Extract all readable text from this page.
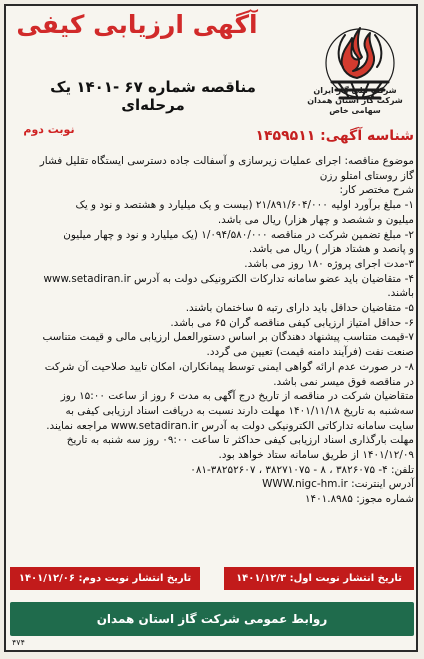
آگهی ارزیابی کیفی
مناقصه شماره ۶۷ -۱۴۰۱ یک مرحله‌ای
شرکت ملی گاز ایران
شرکت گاز استان همدان
سهامی خاص
نوبت دوم	شناسه آگهی: ۱۴۵۹۵۱۱
موضوع مناقصه: اجرای عملیات زیرسازی و آسفالت جاده دسترسی ایستگاه تقلیل فشار
گاز روستای امتلو رزن
شرح مختصر کار:
۱- مبلغ برآورد اولیه ۲۱/۸۹۱/۶۰۴/۰۰۰ (بیست و یک میلیارد و هشتصد و نود و یک
میلیون و ششصد و چهار هزار) ریال می باشد.
۲- مبلغ تضمین شرکت در مناقصه ۱/۰۹۴/۵۸۰/۰۰۰ (یک میلیارد و نود و چهار میلیون
و پانصد و هشتاد هزار ) ریال می باشد.
۳-مدت اجرای پروژه ۱۸۰ روز می باشد.
۴- متقاضیان باید عضو سامانه تدارکات الکترونیکی دولت به آدرس www.setadiran.ir
باشند.
۵- متقاضیان حداقل باید دارای رتبه ۵ ساختمان باشند.
۶- حداقل امتیاز ارزیابی کیفی مناقصه گران ۶۵ می باشد.
۷-قیمت متناسب پیشنهاد دهندگان بر اساس دستورالعمل ارزیابی مالی و قیمت متناسب
صنعت نفت (فرآیند دامنه قیمت) تعیین می گردد.
۸- در صورت عدم ارائه گواهی ایمنی توسط پیمانکاران، امکان تایید صلاحیت آن شرکت
در مناقصه فوق میسر نمی باشد.
متقاضیان شرکت در مناقصه از تاریخ درج آگهی به مدت ۶ روز از ساعت ۱۵:۰۰ روز
سه‌شنبه به تاریخ ۱۴۰۱/۱۱/۱۸ مهلت دارند نسبت به دریافت اسناد ارزیابی کیفی به
سایت سامانه تدارکاتی الکترونیکی دولت به آدرس www.setadiran.ir مراجعه نمایند.
مهلت بارگذاری اسناد ارزیابی کیفی حداکثر تا ساعت ۰۹:۰۰ روز سه شنبه به تاریخ
۱۴۰۱/۱۲/۰۹ از طریق سامانه ستاد خواهد بود.
تلفن: ۴- ۳۸۲۶۰۷۵ ، ۸ - ۳۸۲۷۱۰۷۵ ، ۳۸۲۵۲۶۰۷-۰۸۱
آدرس اینترنت: WWW.nigc-hm.ir
شماره مجوز: ۱۴۰۱.۸۹۸۵
تاریخ انتشار نوبت دوم: ۱۴۰۱/۱۲/۰۶	تاریخ انتشار نوبت اول: ۱۴۰۱/۱۲/۳
روابط عمومی شرکت گاز استان همدان
۴۷۴
